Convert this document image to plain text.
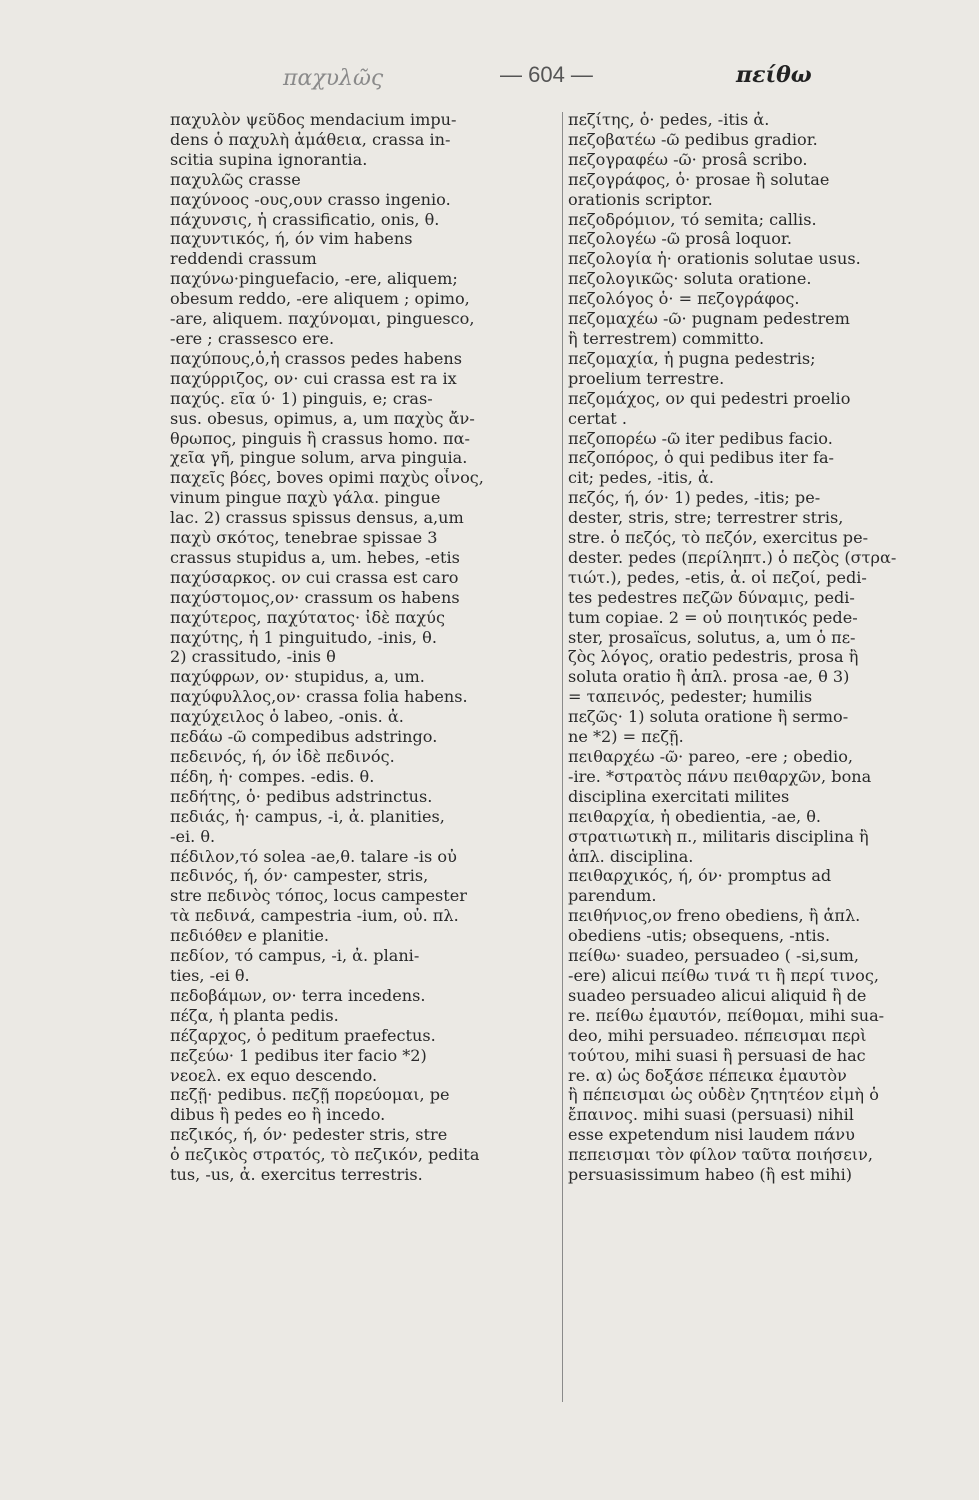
παχυλῶς	— 604 —	πείθω
παχυλὸν ψεῦδος mendacium impu-
dens ὁ παχυλὴ ἀμάθεια, crassa in-
scitia supina ignorantia.
παχυλῶς crasse
παχύνοος -ους,ουν crasso ingenio.
πάχυνσις, ἡ crassificatio, onis, θ.
παχυντικός, ή, όν vim habens
reddendi crassum
παχύνω·pinguefacio, -ere, aliquem;
obesum reddo, -ere aliquem ; opimo,
-are, aliquem. παχύνομαι, pinguesco,
-ere ; crassesco ere.
παχύπους,ὁ,ἡ crassos pedes habens
παχύρριζος, ον· cui crassa est ra ix
παχύς. εῖα ύ· 1) pinguis, e; cras-
sus. obesus, opimus, a, um παχὺς ἄν-
θρωπος, pinguis ἢ crassus homo. πα-
χεῖα γῆ, pingue solum, arva pinguia.
παχεῖς βόες, boves opimi παχὺς οἶνος,
vinum pingue παχὺ γάλα. pingue
lac. 2) crassus spissus densus, a,um
παχὺ σκότος, tenebrae spissae 3
crassus stupidus a, um. hebes, -etis
παχύσαρκος. ον cui crassa est caro
παχύστομος,ον· crassum os habens
παχύτερος, παχύτατος· ἰδὲ παχύς
παχύτης, ἡ 1 pinguitudo, -inis, θ.
2) crassitudo, -inis θ
παχύφρων, ον· stupidus, a, um.
παχύφυλλος,ον· crassa folia habens.
παχύχειλος ὁ labeo, -onis. ἀ.
πεδάω -ῶ compedibus adstringo.
πεδεινός, ή, όν ἰδὲ πεδινός.
πέδη, ἡ· compes. -edis. θ.
πεδήτης, ὁ· pedibus adstrinctus.
πεδιάς, ἡ· campus, -i, ἀ. planities,
-ei. θ.
πέδιλον,τό solea -ae,θ. talare -is οὐ
πεδινός, ή, όν· campester, stris,
stre πεδινὸς τόπος, locus campester
τὰ πεδινά, campestria -ium, οὐ. πλ.
πεδιόθεν e planitie.
πεδίον, τό campus, -i, ἀ. plani-
ties, -ei θ.
πεδοβάμων, ον· terra incedens.
πέζα, ἡ planta pedis.
πέζαρχος, ὁ peditum praefectus.
πεζεύω· 1 pedibus iter facio *2)
νεοελ. ex equo descendo.
πεζῇ· pedibus. πεζῇ πορεύομαι, pe
dibus ἢ pedes eo ἢ incedo.
πεζικός, ή, όν· pedester stris, stre
ὁ πεζικὸς στρατός, τὸ πεζικόν, pedita
tus, -us, ἀ. exercitus terrestris.
πεζίτης, ὁ· pedes, -itis ἀ.
πεζοβατέω -ῶ pedibus gradior.
πεζογραφέω -ῶ· prosâ scribo.
πεζογράφος, ὁ· prosae ἢ solutae
orationis scriptor.
πεζοδρόμιον, τό semita; callis.
πεζολογέω -ῶ prosâ loquor.
πεζολογία ἡ· orationis solutae usus.
πεζολογικῶς· soluta oratione.
πεζολόγος ὁ· = πεζογράφος.
πεζομαχέω -ῶ· pugnam pedestrem
ἢ terrestrem) committo.
πεζομαχία, ἡ pugna pedestris;
proelium terrestre.
πεζομάχος, ον qui pedestri proelio
certat .
πεζοπορέω -ῶ iter pedibus facio.
πεζοπόρος, ὁ qui pedibus iter fa-
cit; pedes, -itis, ἀ.
πεζός, ή, όν· 1) pedes, -itis; pe-
dester, stris, stre; terrestrer stris,
stre. ὁ πεζός, τὸ πεζόν, exercitus pe-
dester. pedes (περίληπτ.) ὁ πεζὸς (στρα-
τιώτ.), pedes, -etis, ἀ. οἱ πεζοί, pedi-
tes pedestres πεζῶν δύναμις, pedi-
tum copiae. 2 = οὐ ποιητικός pede-
ster, prosaïcus, solutus, a, um ὁ πε-
ζὸς λόγος, oratio pedestris, prosa ἢ
soluta oratio ἢ ἁπλ. prosa -ae, θ 3)
= ταπεινός, pedester; humilis
πεζῶς· 1) soluta oratione ἢ sermo-
ne *2) = πεζῇ.
πειθαρχέω -ῶ· pareo, -ere ; obedio,
-ire. *στρατὸς πάνυ πειθαρχῶν, bona
disciplina exercitati milites
πειθαρχία, ἡ obedientia, -ae, θ.
στρατιωτικὴ π., militaris disciplina ἢ
ἁπλ. disciplina.
πειθαρχικός, ή, όν· promptus ad
parendum.
πειθήνιος,ον freno obediens, ἢ ἁπλ.
obediens -utis; obsequens, -ntis.
πείθω· suadeo, persuadeo ( -si,sum,
-ere) alicui πείθω τινά τι ἢ περί τινος,
suadeo persuadeo alicui aliquid ἢ de
re. πείθω ἐμαυτόν, πείθομαι, mihi sua-
deo, mihi persuadeo. πέπεισμαι περὶ
τούτου, mihi suasi ἢ persuasi de hac
re. α) ὡς δοξάσε πέπεικα ἐμαυτὸν
ἢ πέπεισμαι ὡς οὐδὲν ζητητέον εἰμὴ ὁ
ἔπαινος. mihi suasi (persuasi) nihil
esse expetendum nisi laudem πάνυ
πεπεισμαι τὸν φίλον ταῦτα ποιήσειν,
persuasissimum habeo (ἢ est mihi)
